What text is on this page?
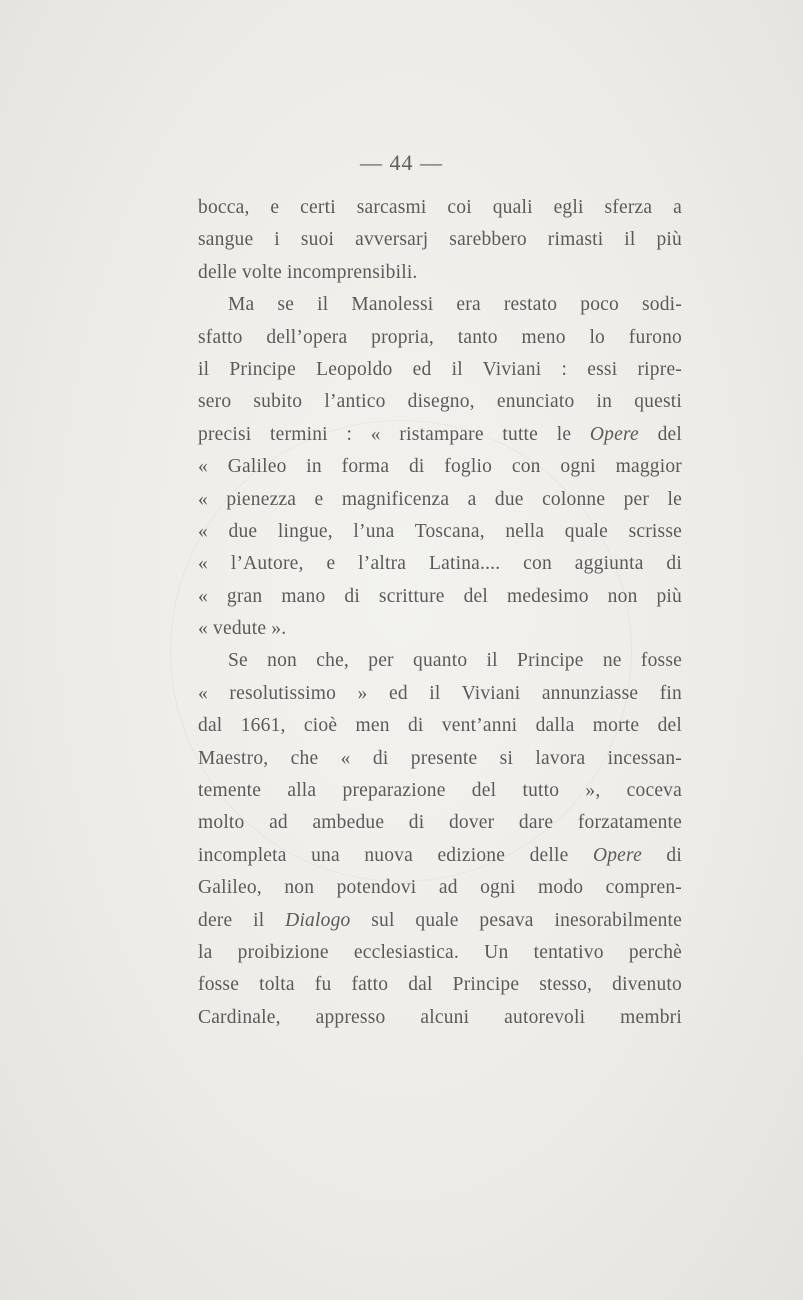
— 44 —
bocca, e certi sarcasmi coi quali egli sferza a
sangue i suoi avversarj sarebbero rimasti il più
delle volte incomprensibili.
Ma se il Manolessi era restato poco sodi-
sfatto dell’opera propria, tanto meno lo furono
il Principe Leopoldo ed il Viviani : essi ripre-
sero subito l’antico disegno, enunciato in questi
precisi termini : « ristampare tutte le Opere del
« Galileo in forma di foglio con ogni maggior
« pienezza e magnificenza a due colonne per le
« due lingue, l’una Toscana, nella quale scrisse
« l’Autore, e l’altra Latina.... con aggiunta di
« gran mano di scritture del medesimo non più
« vedute ».
Se non che, per quanto il Principe ne fosse
« resolutissimo » ed il Viviani annunziasse fin
dal 1661, cioè men di vent’anni dalla morte del
Maestro, che « di presente si lavora incessan-
temente alla preparazione del tutto », coceva
molto ad ambedue di dover dare forzatamente
incompleta una nuova edizione delle Opere di
Galileo, non potendovi ad ogni modo compren-
dere il Dialogo sul quale pesava inesorabilmente
la proibizione ecclesiastica. Un tentativo perchè
fosse tolta fu fatto dal Principe stesso, divenuto
Cardinale, appresso alcuni autorevoli membri
